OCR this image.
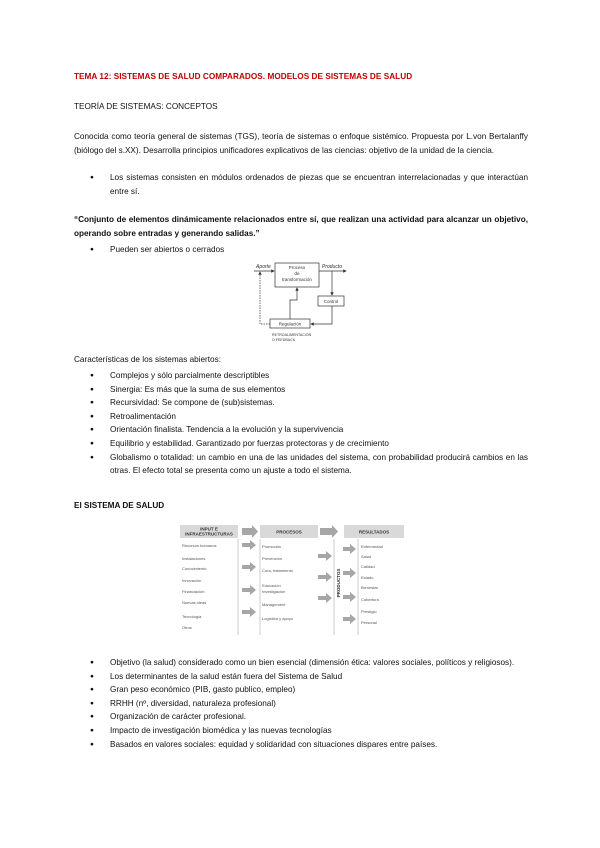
TEMA 12: SISTEMAS DE SALUD COMPARADOS. MODELOS DE SISTEMAS DE SALUD
TEORÍA DE SISTEMAS: CONCEPTOS
Conocida como teoría general de sistemas (TGS), teoría de sistemas o enfoque sistémico. Propuesta por L.von Bertalanffy (biólogo del s.XX). Desarrolla principios unificadores explicativos de las ciencias: objetivo de la unidad de la ciencia.
● Los sistemas consisten en módulos ordenados de piezas que se encuentran interrelacionadas y que interactúan entre sí.
“Conjunto de elementos dinámicamente relacionados entre sí, que realizan una actividad para alcanzar un objetivo, operando sobre entradas y generando salidas.”
● Pueden ser abiertos o cerrados
Aporte	Proceso
de
transformación
Producto
Control
Regulación
RETROALIMENTACIÓN
O FEEDBACK
Características de los sistemas abiertos:
● Complejos y sólo parcialmente descriptibles
● Sinergia: Es más que la suma de sus elementos
● Recursividad: Se compone de (sub)sistemas.
● Retroalimentación
● Orientación finalista. Tendencia a la evolución y la supervivencia
● Equilibrio y estabilidad. Garantizado por fuerzas protectoras y de crecimiento
● Globalismo o totalidad: un cambio en una de las unidades del sistema, con probabilidad producirá cambios en las otras. El efecto total se presenta como un ajuste a todo el sistema.
El SISTEMA DE SALUD
INPUT E
INFRAESTRUCTURAS
Recursos humanos
Instalaciones
Conocimiento
Innovación
Financiación
Nuevas ideas
Tecnología
Otros
PROCESOS
Promoción
Prevención
Cura, tratamiento
Educación
Investigación
Management
Logística y apoyo
PRODUCTOS
RESULTADOS
Enfermedad
Salud
Calidad
Estado
Bienestar
Cobertura
Prestigio
Personal
● Objetivo (la salud) considerado como un bien esencial (dimensión ética: valores sociales, políticos y religiosos).
● Los determinantes de la salud están fuera del Sistema de Salud
● Gran peso económico (PIB, gasto publico, empleo)
● RRHH (nº, diversidad, naturaleza profesional)
● Organización de carácter profesional.
● Impacto de investigación biomédica y las nuevas tecnologías
● Basados en valores sociales: equidad y solidaridad con situaciones dispares entre países.
